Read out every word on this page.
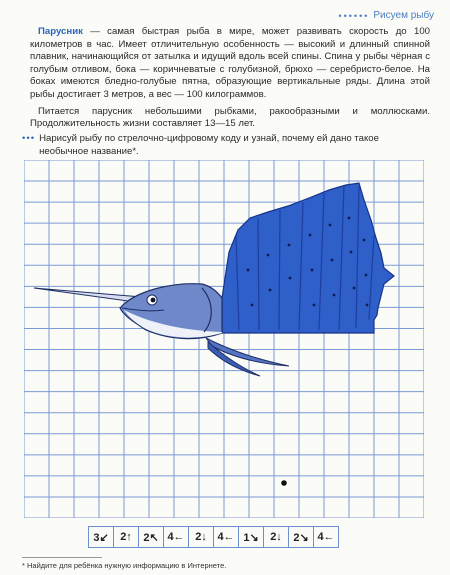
•••••• Рисуем рыбу

Парусник — самая быстрая рыба в мире, может развивать скорость до 100 километров в час. Имеет отличительную особенность — высокий и длинный спинной плавник, начинающийся от затылка и идущий вдоль всей спины. Спина у рыбы чёрная с голубым отливом, бока — коричневатые с голубизной, брюхо — серебристо-белое. На боках имеются бледно-голубые пятна, образующие вертикальные ряды. Длина этой рыбы достигает 3 метров, а вес — 100 килограммов.

Питается парусник небольшими рыбками, ракообразными и моллюсками. Продолжительность жизни составляет 13—15 лет.

••• Нарисуй рыбу по стрелочно-цифровому коду и узнай, почему ей дано такое необычное название*.
3↙	2↑	2↖ 4← 2↓ 4← 1↘	2↓	2↘ 4←
* Найдите для ребёнка нужную информацию в Интернете.
